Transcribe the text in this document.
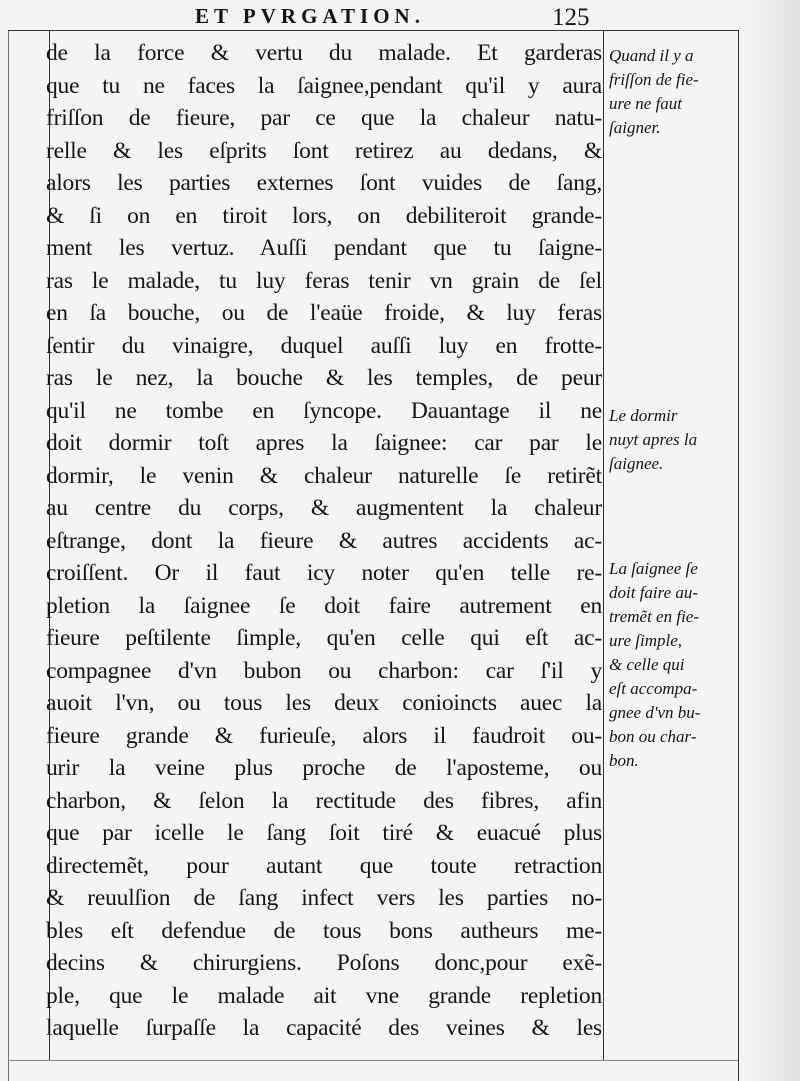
ET PVRGATION.	125
de la force & vertu du malade. Et garderas
que tu ne faces la ſaignee,pendant qu'il y aura
friſſon de fieure, par ce que la chaleur natu-
relle & les eſprits ſont retirez au dedans, &
alors les parties externes ſont vuides de ſang,
& ſi on en tiroit lors, on debiliteroit grande-
ment les vertuz. Auſſi pendant que tu ſaigne-
ras le malade, tu luy feras tenir vn grain de ſel
en ſa bouche, ou de l'eaüe froide, & luy feras
ſentir du vinaigre, duquel auſſi luy en frotte-
ras le nez, la bouche & les temples, de peur
qu'il ne tombe en ſyncope. Dauantage il ne
doit dormir toſt apres la ſaignee: car par le
dormir, le venin & chaleur naturelle ſe retirẽt
au centre du corps, & augmentent la chaleur
eſtrange, dont la fieure & autres accidents ac-
croiſſent. Or il faut icy noter qu'en telle re-
pletion la ſaignee ſe doit faire autrement en
fieure peſtilente ſimple, qu'en celle qui eſt ac-
compagnee d'vn bubon ou charbon: car ſ'il y
auoit l'vn, ou tous les deux conioincts auec la
fieure grande & furieuſe, alors il faudroit ou-
urir la veine plus proche de l'aposteme, ou
charbon, & ſelon la rectitude des fibres, afin
que par icelle le ſang ſoit tiré & euacué plus
directemẽt, pour autant que toute retraction
& reuulſion de ſang infect vers les parties no-
bles eſt defendue de tous bons autheurs me-
decins & chirurgiens. Poſons donc,pour exẽ-
ple, que le malade ait vne grande repletion
laquelle ſurpaſſe la capacité des veines & les
Quand il y a
friſſon de fie-
ure ne faut
ſaigner.
Le dormir
nuyt apres la
ſaignee.
La ſaignee ſe
doit faire au-
tremẽt en fie-
ure ſimple,
& celle qui
eſt accompa-
gnee d'vn bu-
bon ou char-
bon.
